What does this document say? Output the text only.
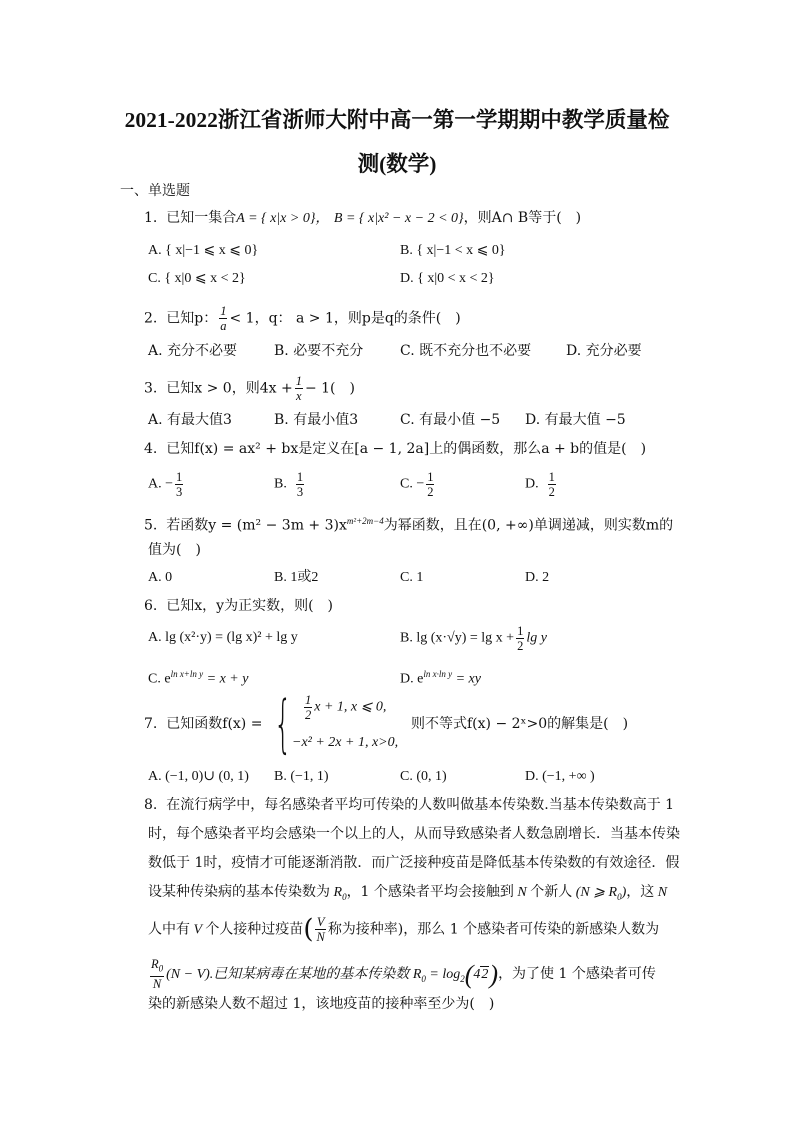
2021-2022浙江省浙师大附中高一第一学期期中教学质量检
测(数学)
一、单选题
1. 已知一集合A = { x|x > 0}， B = { x|x² − x − 2 < 0}，则A∩ B等于(　)
A. { x|−1 ⩽ x ⩽ 0}	B. { x|−1 < x ⩽ 0}
C. { x|0 ⩽ x < 2}	D. { x|0 < x < 2}
2. 已知p： $\frac{1}{a} < 1$，q： a > 1，则p是q的条件(　)
A. 充分不必要	B. 必要不充分	C. 既不充分也不必要 D. 充分必要
3. 已知x > 0，则$4x + \frac{1}{x} - 1$(　)
A. 有最大值3	B. 有最小值3	C. 有最小值 −5 D. 有最大值 −5
4. 已知f(x) = ax² + bx是定义在[a − 1, 2a]上的偶函数，那么a + b的值是(　)
A. − $\frac{1}{3}$	B. $\frac{1}{3}$	C. − $\frac{1}{2}$	D. $\frac{1}{2}$
5. 若函数$y = (m^2 - 3m + 3)x^{m^2+2m-4}$为幂函数，且在(0, +∞)单调递减，则实数m的
值为(　)
A. 0	B. 1或2	C. 1	D. 2
6. 已知x，y为正实数，则(　)
A. lg (x²·y) = (lg x)² + lg y	B. $\lg (x\cdot√y) = \lg x + \frac{1}{2}$ lg y
C. $e^{ln x+ln y} = x + y$	D. $e^{ln x\cdot ln y}$ = xy
7. 已知函数f(x) = { $\frac{1}{2}$ x + 1, x ⩽ 0,
−x² + 2x + 1, x>0,
则不等式f(x) − 2ˣ>0的解集是(　)
A. (−1, 0)∪ (0, 1) B. (−1, 1)	C. (0, 1)	D. (−1, +∞ )
8. 在流行病学中，每名感染者平均可传染的人数叫做基本传染数.当基本传染数高于 1
时，每个感染者平均会感染一个以上的人，从而导致感染者人数急剧增长．当基本传染
数低于 1时，疫情才可能逐渐消散．而广泛接种疫苗是降低基本传染数的有效途径．假
设某种传染病的基本传染数为 $R_0$，1 个感染者平均会接触到 N 个新人 (N ⩾ $R_0$)，这 N
人中有 V 个人接种过疫苗( $\frac{V}{N}$ 称为接种率)，那么 1 个感染者可传染的新感染人数为
$\frac{R_0}{N} (N - V)$.已知某病毒在某地的基本传染数 $R_0 = \log_2(42)$，为了使 1 个感染者可传
染的新感染人数不超过 1，该地疫苗的接种率至少为(　)
